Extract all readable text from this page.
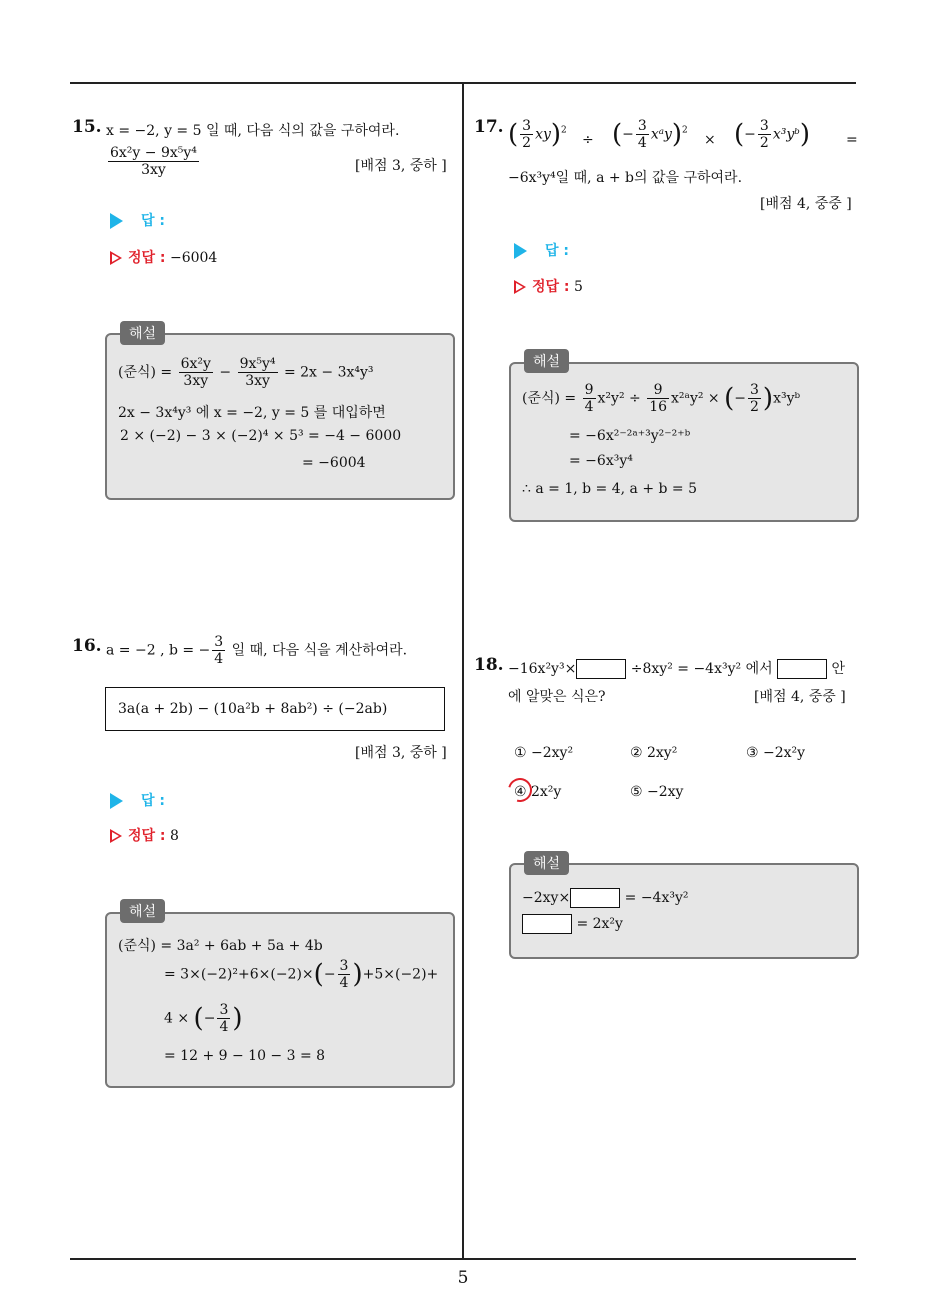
15. x = −2, y = 5 일 때, 다음 식의 값을 구하여라.
$\frac{\text{6x²y − 9x⁵y⁴}}{3xy}$	[배점 3, 중하 ]
답 :
정답 : −6004
해설
(준식) = $\frac{\text{6x²y}}{3xy} - \frac{\text{9x⁵y⁴}}{3xy} = 2x - 3x^4y^3$
2x − 3x⁴y³ 에 x = −2, y = 5 를 대입하면
2 × (−2) − 3 × (−2)⁴ × 5³ = −4 − 6000
= −6004
16. a = −2 , b = − $\frac{3}{4}$ 일 때, 다음 식을 계산하여라.
3a(a + 2b) − (10a²b + 8ab²) ÷ (−2ab)
[배점 3, 중하 ]
답 :
정답 : 8
해설
(준식) = 3a² + 6ab + 5a + 4b
= $3\times(-2)^2+6\times(-2)\times(- \frac{3}{4} )+5\times(-2)+$
4 × (− $\frac{3}{4}$ )
= 12 + 9 − 10 − 3 = 8
17. ( $\frac{3}{2} xy)^2$
÷ (− $\frac{3}{4}$ xᵃy)$^2$
× (− $\frac{3}{2}$ x³yᵇ)	=
−6x³y⁴일 때, a + b의 값을 구하여라.
[배점 4, 중중 ]
답 :
정답 : 5
해설
(준식) = $\frac{9}{4} x^2y^2 \div \frac{9}{16}$ x²ᵃy² × (− $\frac{3}{2}$ )x³yᵇ
= −6x²⁻²ᵃ⁺³y²⁻²⁺ᵇ
= −6x³y⁴
∴ a = 1, b = 4, a + b = 5
18. −16x²y³×	÷8xy² = −4x³y² 에서	안
에 알맞은 식은?	[배점 4, 중중 ]
① −2xy²	② 2xy²	③ −2x²y
④ 2x²y	⑤ −2xy
해설
−2xy×	= −4x³y²
= 2x²y
5
